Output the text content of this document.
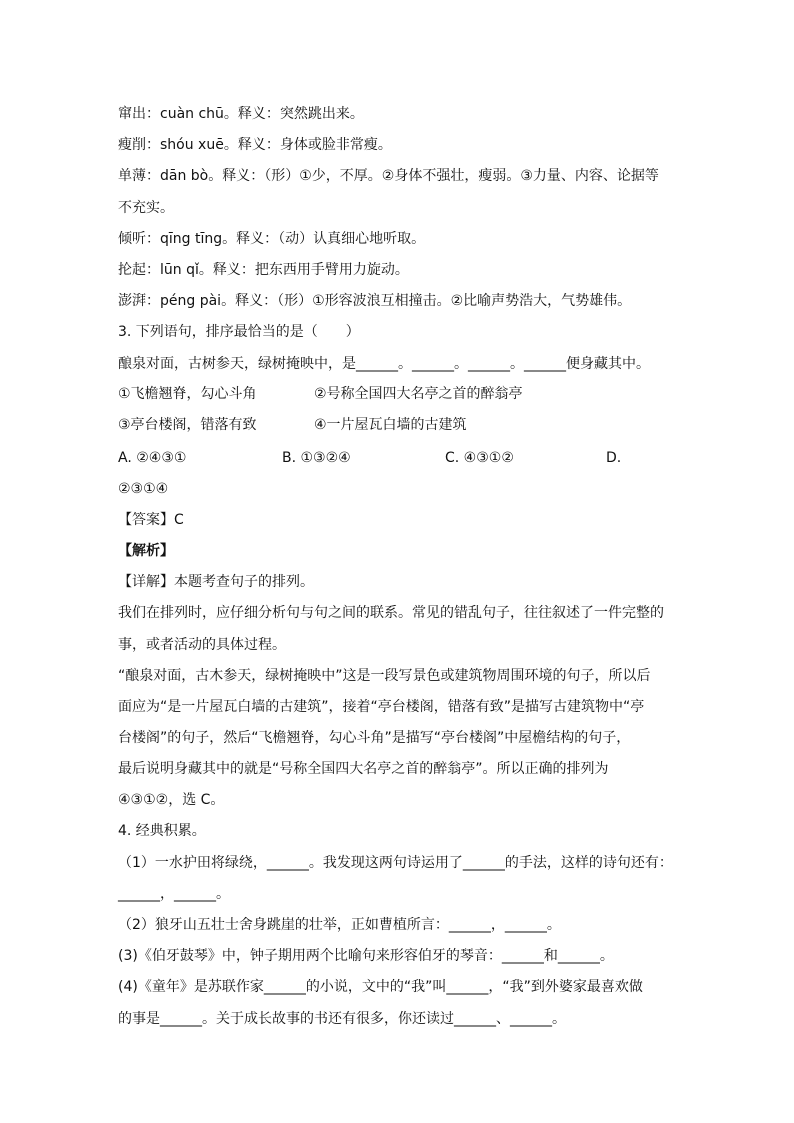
窜出：cuàn chū。释义：突然跳出来。
瘦削：shóu xuē。释义：身体或脸非常瘦。
单薄：dān bò。释义：（形）①少，不厚。②身体不强壮，瘦弱。③力量、内容、论据等
不充实。
倾听：qīng tīng。释义：（动）认真细心地听取。
抡起：lūn qǐ。释义：把东西用手臂用力旋动。
澎湃：péng pài。释义：（形）①形容波浪互相撞击。②比喻声势浩大，气势雄伟。
3. 下列语句，排序最恰当的是（　　）
酿泉对面，古树参天，绿树掩映中，是______。______。______。______便身藏其中。
①飞檐翘脊，勾心斗角	②号称全国四大名亭之首的醉翁亭
③亭台楼阁，错落有致	④一片屋瓦白墙的古建筑
A. ②④③①	B. ①③②④	C. ④③①②	D.
②③①④
【答案】C
【解析】
【详解】本题考查句子的排列。
我们在排列时，应仔细分析句与句之间的联系。常见的错乱句子，往往叙述了一件完整的
事，或者活动的具体过程。
“酿泉对面，古木参天，绿树掩映中”这是一段写景色或建筑物周围环境的句子，所以后
面应为“是一片屋瓦白墙的古建筑”，接着“亭台楼阁，错落有致”是描写古建筑物中“亭
台楼阁”的句子，然后“飞檐翘脊，勾心斗角”是描写“亭台楼阁”中屋檐结构的句子，
最后说明身藏其中的就是“号称全国四大名亭之首的醉翁亭”。所以正确的排列为
④③①②，选 C。
4. 经典积累。
（1）一水护田将绿绕，______。我发现这两句诗运用了______的手法，这样的诗句还有：
______，______。
（2）狼牙山五壮士舍身跳崖的壮举，正如曹植所言：______，______。
(3)《伯牙鼓琴》中，钟子期用两个比喻句来形容伯牙的琴音：______和______。
(4)《童年》是苏联作家______的小说，文中的“我”叫______，“我”到外婆家最喜欢做
的事是______。关于成长故事的书还有很多，你还读过______、______。
